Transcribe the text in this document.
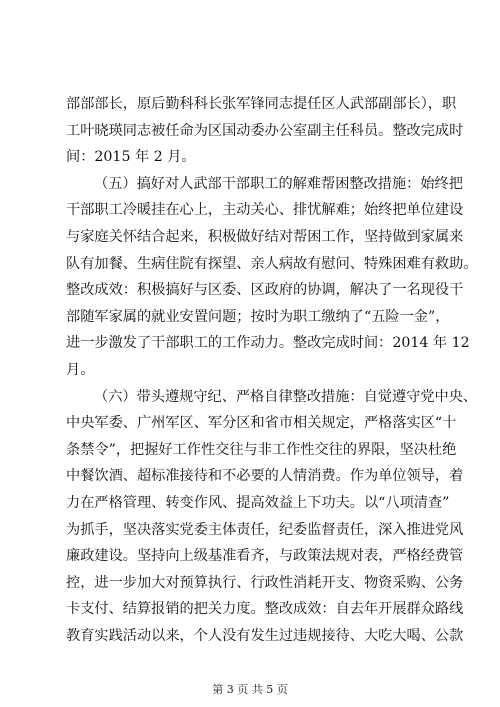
部部部长，原后勤科科长张军锋同志提任区人武部副部长），职
工叶晓瑛同志被任命为区国动委办公室副主任科员。整改完成时
间：2015 年 2 月。
（五）搞好对人武部干部职工的解难帮困整改措施：始终把
干部职工冷暖挂在心上，主动关心、排忧解难；始终把单位建设
与家庭关怀结合起来，积极做好结对帮困工作，坚持做到家属来
队有加餐、生病住院有探望、亲人病故有慰问、特殊困难有救助。
整改成效：积极搞好与区委、区政府的协调，解决了一名现役干
部随军家属的就业安置问题；按时为职工缴纳了“五险一金”，
进一步激发了干部职工的工作动力。整改完成时间：2014 年 12
月。
（六）带头遵规守纪、严格自律整改措施：自觉遵守党中央、
中央军委、广州军区、军分区和省市相关规定，严格落实区“十
条禁令”，把握好工作性交往与非工作性交往的界限，坚决杜绝
中餐饮酒、超标准接待和不必要的人情消费。作为单位领导，着
力在严格管理、转变作风、提高效益上下功夫。以“八项清查”
为抓手，坚决落实党委主体责任，纪委监督责任，深入推进党风
廉政建设。坚持向上级基准看齐，与政策法规对表，严格经费管
控，进一步加大对预算执行、行政性消耗开支、物资采购、公务
卡支付、结算报销的把关力度。整改成效：自去年开展群众路线
教育实践活动以来，个人没有发生过违规接待、大吃大喝、公款
第 3 页 共 5 页
